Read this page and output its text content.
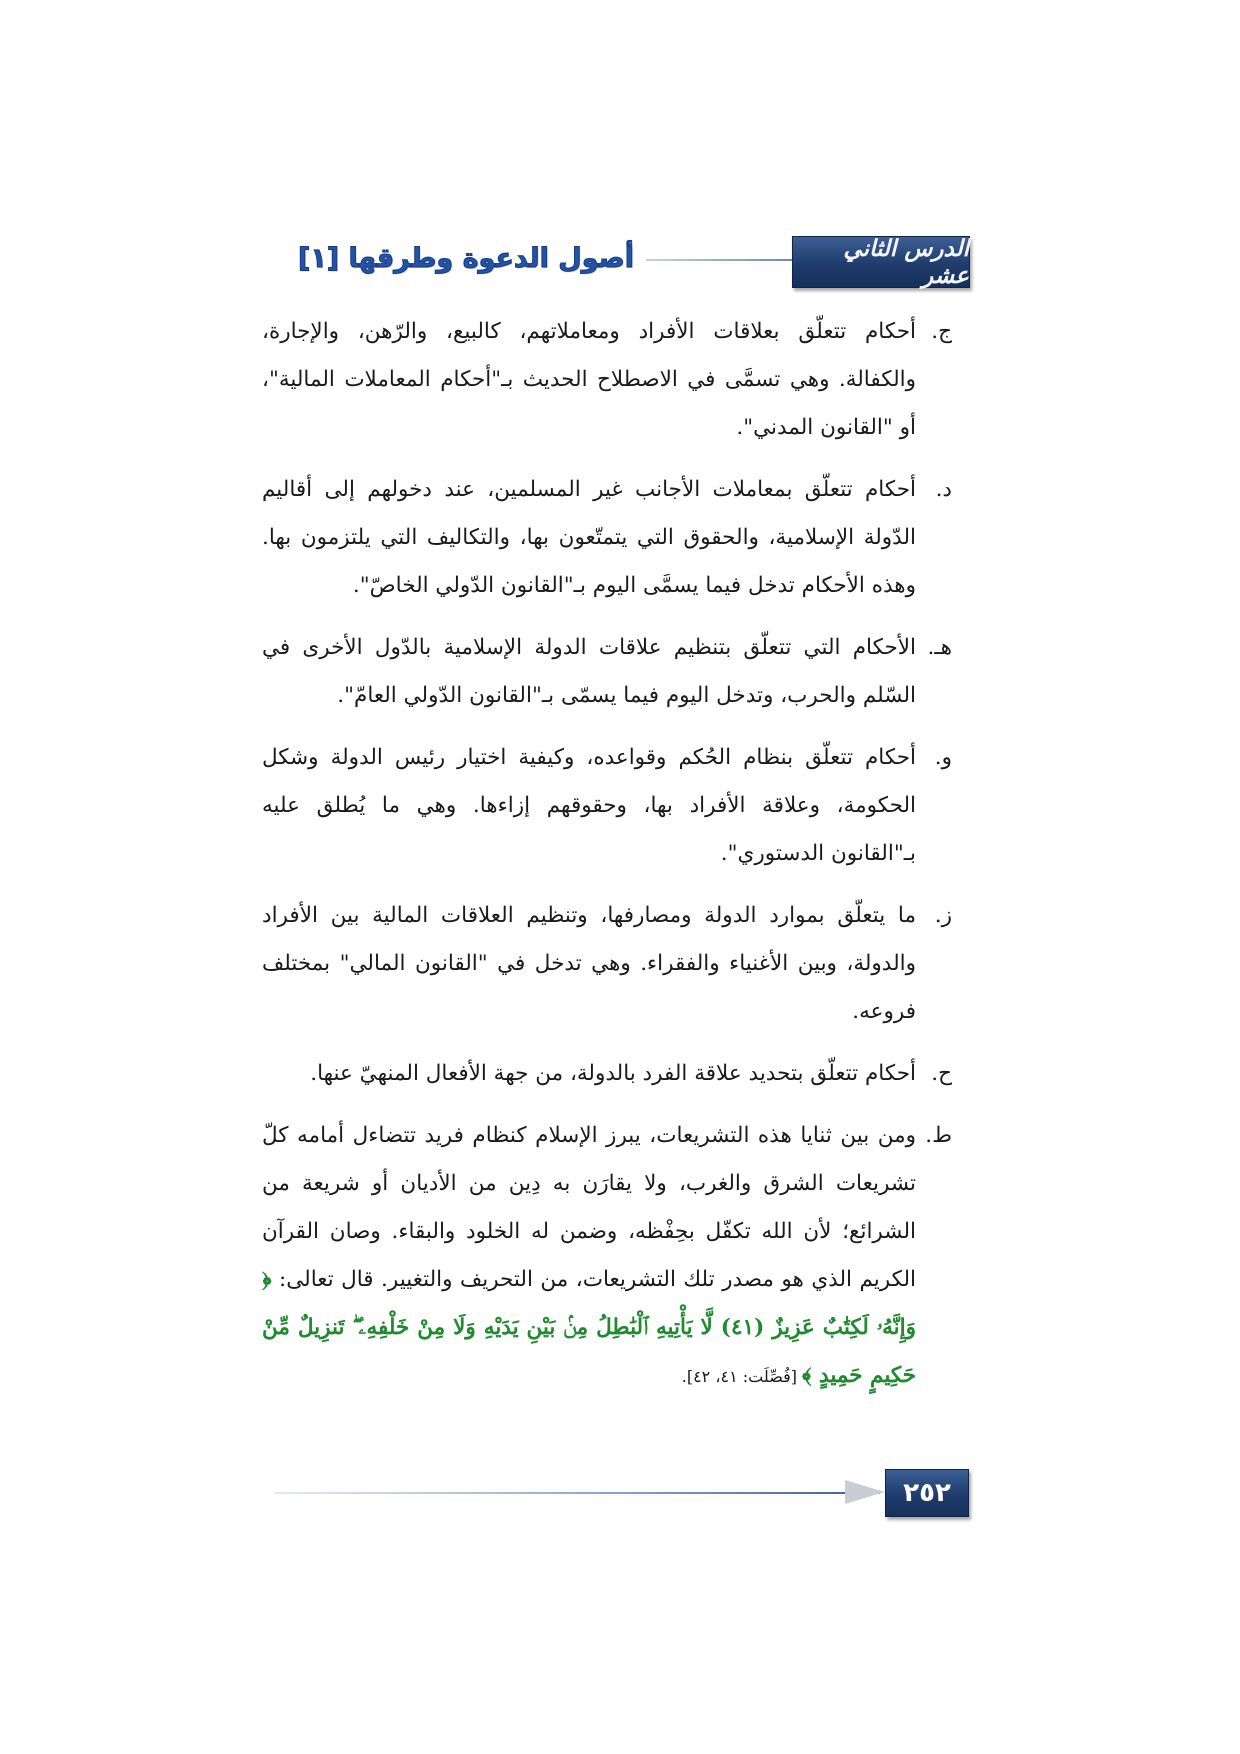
الدرس الثاني عشر
أصول الدعوة وطرقها [١]
ج.
أحكام تتعلّق بعلاقات الأفراد ومعاملاتهم، كالبيع، والرّهن، والإجارة، والكفالة. وهي تسمَّى في الاصطلاح الحديث بـ"أحكام المعاملات المالية"، أو "القانون المدني".
د.
أحكام تتعلّق بمعاملات الأجانب غير المسلمين، عند دخولهم إلى أقاليم الدّولة الإسلامية، والحقوق التي يتمتّعون بها، والتكاليف التي يلتزمون بها. وهذه الأحكام تدخل فيما يسمَّى اليوم بـ"القانون الدّولي الخاصّ".
هـ.
الأحكام التي تتعلّق بتنظيم علاقات الدولة الإسلامية بالدّول الأخرى في السّلم والحرب، وتدخل اليوم فيما يسمّى بـ"القانون الدّولي العامّ".
و.
أحكام تتعلّق بنظام الحُكم وقواعده، وكيفية اختيار رئيس الدولة وشكل الحكومة، وعلاقة الأفراد بها، وحقوقهم إزاءها. وهي ما يُطلق عليه بـ"القانون الدستوري".
ز.
ما يتعلّق بموارد الدولة ومصارفها، وتنظيم العلاقات المالية بين الأفراد والدولة، وبين الأغنياء والفقراء. وهي تدخل في "القانون المالي" بمختلف فروعه.
ح.
أحكام تتعلّق بتحديد علاقة الفرد بالدولة، من جهة الأفعال المنهيّ عنها.
ط.
ومن بين ثنايا هذه التشريعات، يبرز الإسلام كنظام فريد تتضاءل أمامه كلّ تشريعات الشرق والغرب، ولا يقارَن به دِين من الأديان أو شريعة من الشرائع؛ لأن الله تكفّل بحِفْظه، وضمن له الخلود والبقاء. وصان القرآن الكريم الذي هو مصدر تلك التشريعات، من التحريف والتغيير. قال تعالى: ﴿ وَإِنَّهُۥ لَكِتَٰبٌ عَزِيزٌ (٤١) لَّا يَأْتِيهِ ٱلْبَٰطِلُ مِنۢ بَيْنِ يَدَيْهِ وَلَا مِنْ خَلْفِهِۦ ۖ تَنزِيلٌ مِّنْ حَكِيمٍ حَمِيدٍ ﴾ [فُصِّلَت: ٤١، ٤٢].
٢٥٢
